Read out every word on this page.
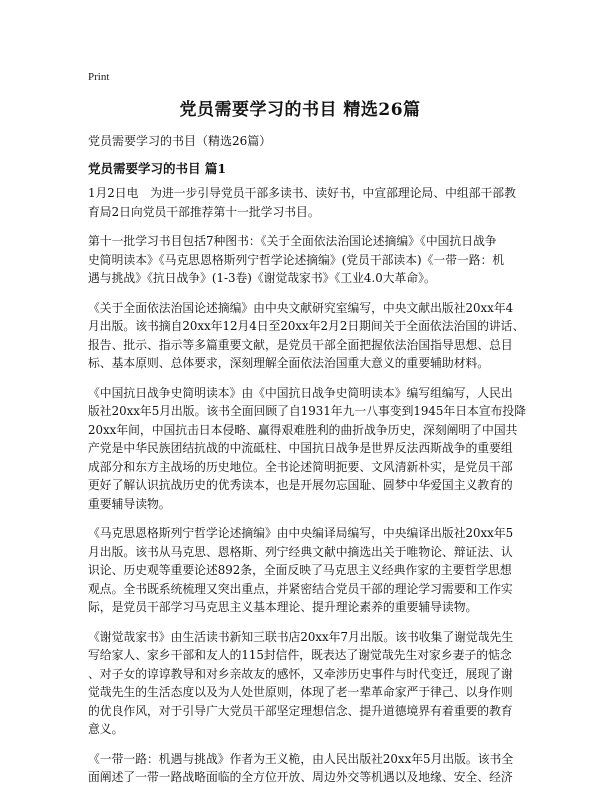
Print
党员需要学习的书目 精选26篇
党员需要学习的书目（精选26篇）
党员需要学习的书目 篇1

1月2日电　为进一步引导党员干部多读书、读好书，中宣部理论局、中组部干部教
育局2日向党员干部推荐第十一批学习书目。

第十一批学习书目包括7种图书：《关于全面依法治国论述摘编》《中国抗日战争
史简明读本》《马克思恩格斯列宁哲学论述摘编》(党员干部读本)《一带一路：机
遇与挑战》《抗日战争》(1-3卷)《谢觉哉家书》《工业4.0大革命》。

《关于全面依法治国论述摘编》由中央文献研究室编写，中央文献出版社20xx年4
月出版。该书摘自20xx年12月4日至20xx年2月2日期间关于全面依法治国的讲话、
报告、批示、指示等多篇重要文献，是党员干部全面把握依法治国指导思想、总目
标、基本原则、总体要求，深刻理解全面依法治国重大意义的重要辅助材料。

《中国抗日战争史简明读本》由《中国抗日战争史简明读本》编写组编写，人民出
版社20xx年5月出版。该书全面回顾了自1931年九一八事变到1945年日本宣布投降
20xx年间，中国抗击日本侵略、赢得艰难胜利的曲折战争历史，深刻阐明了中国共
产党是中华民族团结抗战的中流砥柱、中国抗日战争是世界反法西斯战争的重要组
成部分和东方主战场的历史地位。全书论述简明扼要、文风清新朴实，是党员干部
更好了解认识抗战历史的优秀读本，也是开展勿忘国耻、圆梦中华爱国主义教育的
重要辅导读物。

《马克思恩格斯列宁哲学论述摘编》由中央编译局编写，中央编译出版社20xx年5
月出版。该书从马克思、恩格斯、列宁经典文献中摘选出关于唯物论、辩证法、认
识论、历史观等重要论述892条，全面反映了马克思主义经典作家的主要哲学思想
观点。全书既系统梳理又突出重点，并紧密结合党员干部的理论学习需要和工作实
际，是党员干部学习马克思主义基本理论、提升理论素养的重要辅导读物。

《谢觉哉家书》由生活读书新知三联书店20xx年7月出版。该书收集了谢觉哉先生
写给家人、家乡干部和友人的115封信件，既表达了谢觉哉先生对家乡妻子的惦念
、对子女的谆谆教导和对乡亲故友的感怀，又牵涉历史事件与时代变迁，展现了谢
觉哉先生的生活态度以及为人处世原则，体现了老一辈革命家严于律己、以身作则
的优良作风，对于引导广大党员干部坚定理想信念、提升道德境界有着重要的教育
意义。

《一带一路：机遇与挑战》作者为王义桅，由人民出版社20xx年5月出版。该书全
面阐述了一带一路战略面临的全方位开放、周边外交等机遇以及地缘、安全、经济
